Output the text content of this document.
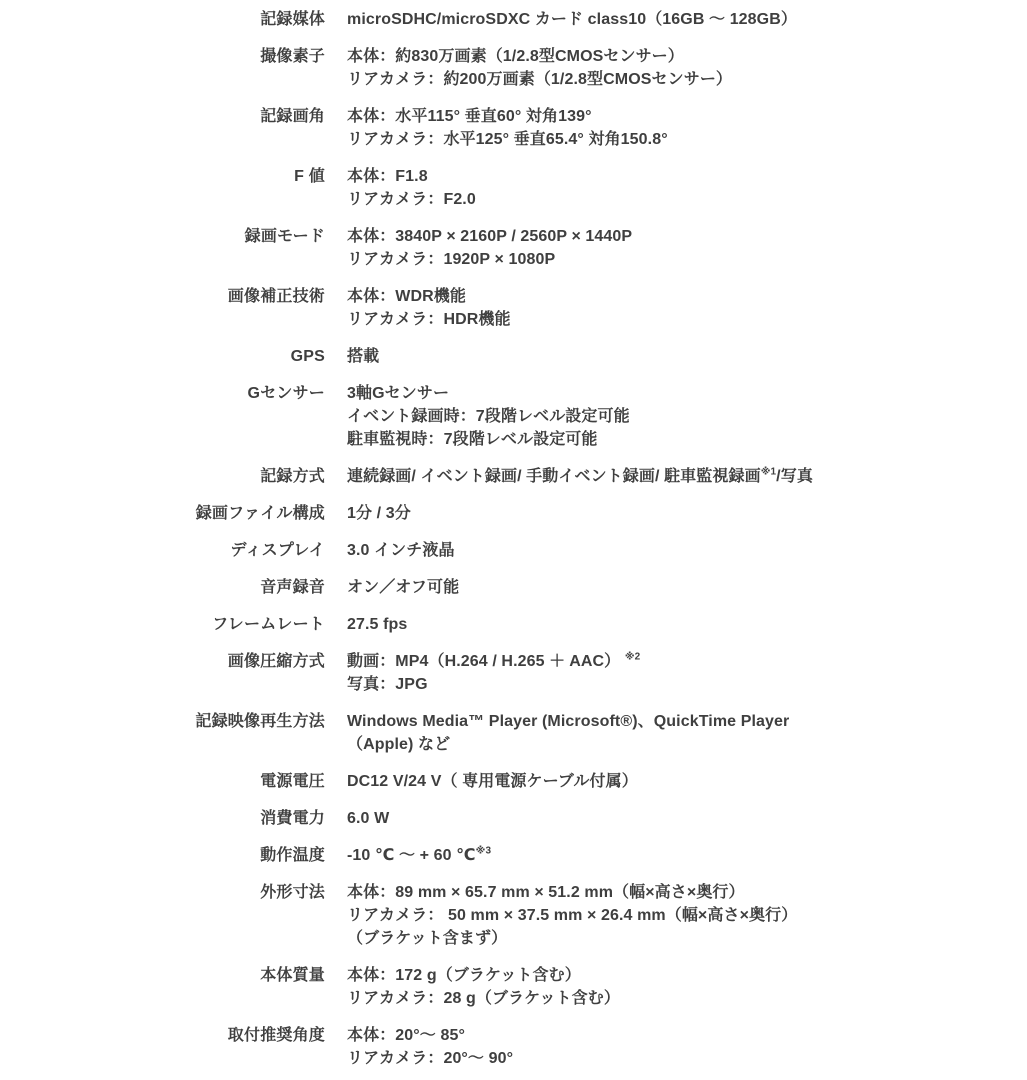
記録媒体 microSDHC/microSDXC カード class10（16GB ～ 128GB）
撮像素子 本体：約830万画素（1/2.8型CMOSセンサー）
リアカメラ：約200万画素（1/2.8型CMOSセンサー）
記録画角 本体：水平115° 垂直60° 対角139°
リアカメラ：水平125° 垂直65.4° 対角150.8°
F 値 本体：F1.8
リアカメラ：F2.0
録画モード 本体：3840P × 2160P / 2560P × 1440P
リアカメラ：1920P × 1080P
画像補正技術 本体：WDR機能
リアカメラ：HDR機能
GPS 搭載
Gセンサー 3軸Gセンサー
イベント録画時：7段階レベル設定可能
駐車監視時：7段階レベル設定可能
記録方式 連続録画/ イベント録画/ 手動イベント録画/ 駐車監視録画$^{※1}$/写真
録画ファイル構成 1分 / 3分
ディスプレイ 3.0 インチ液晶
音声録音 オン／オフ可能
フレームレート 27.5 fps
画像圧縮方式 動画：MP4（H.264 / H.265 ＋ AAC） $^{※2}$
写真：JPG
記録映像再生方法 Windows Media™ Player (Microsoft®)、QuickTime Player
（Apple) など
電源電圧 DC12 V/24 V（ 専用電源ケーブル付属）
消費電力 6.0 W
動作温度 -10 ℃ ～ + 60 ℃$^{※3}$
外形寸法 本体：89 mm × 65.7 mm × 51.2 mm（幅×高さ×奥行）
リアカメラ： 50 mm × 37.5 mm × 26.4 mm（幅×高さ×奥行）
（ブラケット含まず）
本体質量 本体：172 g（ブラケット含む）
リアカメラ：28 g（ブラケット含む）
取付推奨角度 本体：20°～ 85°
リアカメラ：20°～ 90°
